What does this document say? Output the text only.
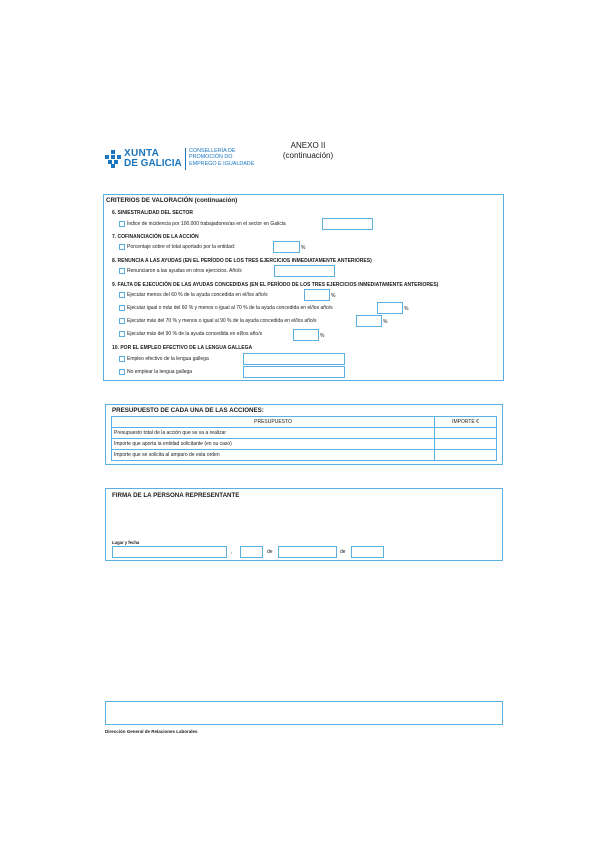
XUNTA
DE GALICIA
CONSELLERÍA DE
PROMOCIÓN DO
EMPREGO E IGUALDADE
ANEXO II
(continuación)
CRITERIOS DE VALORACIÓN (continuación)
6. SINIESTRALIDAD DEL SECTOR
Índice de incidencia por 100.000 trabajadores/as en el sector en Galicia
7. COFINANCIACIÓN DE LA ACCIÓN
Porcentaje sobre el total aportado por la entidad:	%
8. RENUNCIA A LAS AYUDAS (EN EL PERÍODO DE LOS TRES EJERCICIOS INMEDIATAMENTE ANTERIORES)
Renunciaron a las ayudas en otros ejercicios. Año/s
9. FALTA DE EJECUCIÓN DE LAS AYUDAS CONCEDIDAS (EN EL PERÍODO DE LOS TRES EJERCICIOS INMEDIATAMENTE ANTERIORES)
Ejecutar menos del 60 % de la ayuda concedida en el/los año/s	%
Ejecutar igual o más del 60 % y menos o igual al 70 % de la ayuda concedida en el/los año/s	%
Ejecutar más del 70 % y menos o igual al 90 % de la ayuda concedida en el/los año/s	%
Ejecutar más del 90 % de la ayuda concedida en el/los año/s	%
10. POR EL EMPLEO EFECTIVO DE LA LENGUA GALLEGA
Empleo efectivo de la lengua gallega
No emplear la lengua gallega
PRESUPUESTO DE CADA UNA DE LAS ACCIONES:
PRESUPUESTO	IMPORTE €
Presupuesto total de la acción que se va a realizar	
Importe que aporta la entidad solicitante (en su caso)	
Importe que se solicita al amparo de esta orden	
FIRMA DE LA PERSONA REPRESENTANTE
Lugar y fecha
,	de	de
Dirección General de Relaciones Laborales
